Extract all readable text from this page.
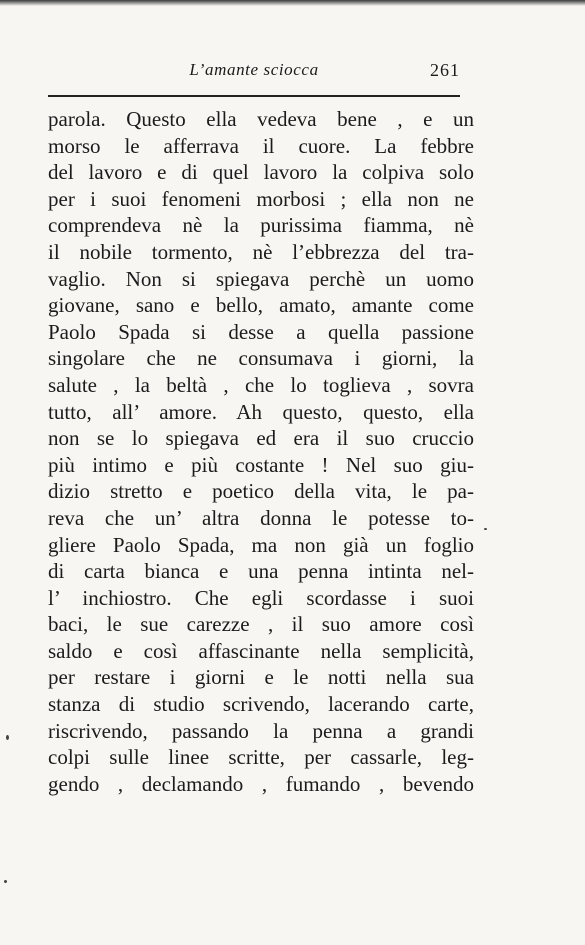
L’amante sciocca	261
parola. Questo ella vedeva bene , e un
morso le afferrava il cuore. La febbre
del lavoro e di quel lavoro la colpiva solo
per i suoi fenomeni morbosi ; ella non ne
comprendeva nè la purissima fiamma, nè
il nobile tormento, nè l’ebbrezza del tra-
vaglio. Non si spiegava perchè un uomo
giovane, sano e bello, amato, amante come
Paolo Spada si desse a quella passione
singolare che ne consumava i giorni, la
salute , la beltà , che lo toglieva , sovra
tutto, all’ amore. Ah questo, questo, ella
non se lo spiegava ed era il suo cruccio
più intimo e più costante ! Nel suo giu-
dizio stretto e poetico della vita, le pa-
reva che un’ altra donna le potesse to-
gliere Paolo Spada, ma non già un foglio
di carta bianca e una penna intinta nel-
l’ inchiostro. Che egli scordasse i suoi
baci, le sue carezze , il suo amore così
saldo e così affascinante nella semplicità,
per restare i giorni e le notti nella sua
stanza di studio scrivendo, lacerando carte,
riscrivendo, passando la penna a grandi
colpi sulle linee scritte, per cassarle, leg-
gendo , declamando , fumando , bevendo
